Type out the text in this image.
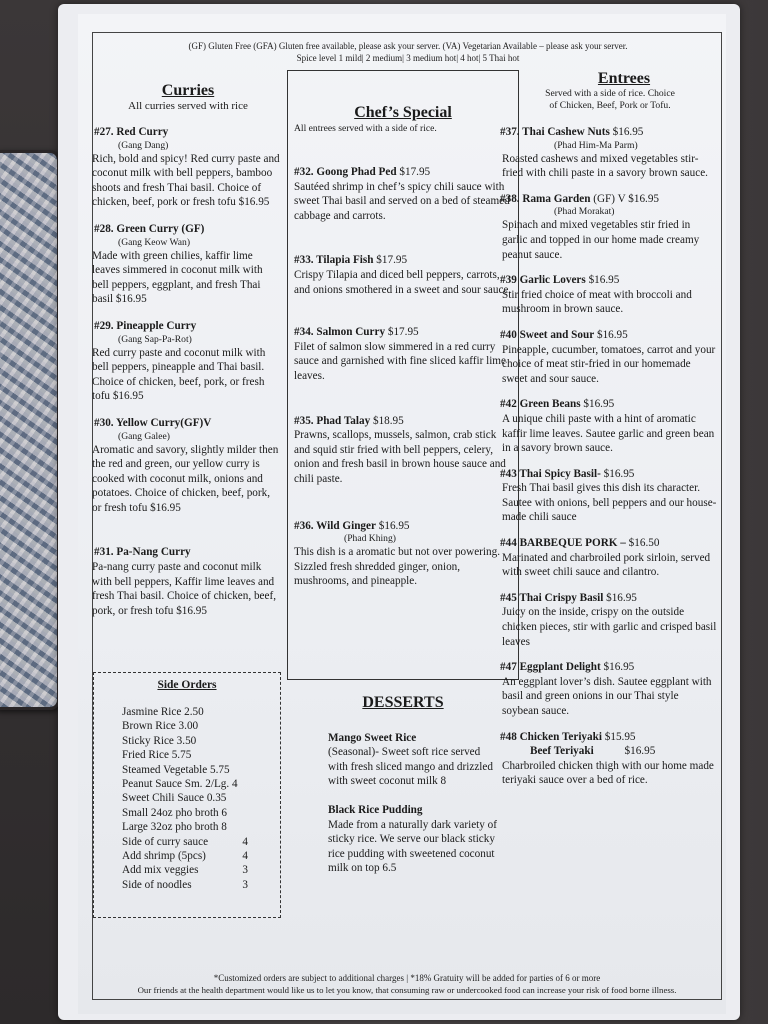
(GF) Gluten Free (GFA) Gluten free available, please ask your server. (VA) Vegetarian Available – please ask your server.
Spice level 1 mild| 2 medium| 3 medium hot| 4 hot| 5 Thai hot
Curries
All curries served with rice
#27. Red Curry
(Gang Dang)
Rich, bold and spicy! Red curry paste and coconut milk with bell peppers, bamboo shoots and fresh Thai basil. Choice of chicken, beef, pork or fresh tofu $16.95
#28. Green Curry (GF)
(Gang Keow Wan)
Made with green chilies, kaffir lime leaves simmered in coconut milk with bell peppers, eggplant, and fresh Thai basil $16.95
#29. Pineapple Curry
(Gang Sap-Pa-Rot)
Red curry paste and coconut milk with bell peppers, pineapple and Thai basil. Choice of chicken, beef, pork, or fresh tofu $16.95
#30. Yellow Curry(GF)V
(Gang Galee)
Aromatic and savory, slightly milder then the red and green, our yellow curry is cooked with coconut milk, onions and potatoes. Choice of chicken, beef, pork, or fresh tofu $16.95
#31. Pa-Nang Curry
Pa-nang curry paste and coconut milk with bell peppers, Kaffir lime leaves and fresh Thai basil. Choice of chicken, beef, pork, or fresh tofu $16.95
Chef’s Special
All entrees served with a side of rice.
#32. Goong Phad Ped $17.95
Sautéed shrimp in chef’s spicy chili sauce with sweet Thai basil and served on a bed of steamed cabbage and carrots.
#33. Tilapia Fish $17.95
Crispy Tilapia and diced bell peppers, carrots, and onions smothered in a sweet and sour sauce.
#34. Salmon Curry $17.95
Filet of salmon slow simmered in a red curry sauce and garnished with fine sliced kaffir lime leaves.
#35. Phad Talay $18.95
Prawns, scallops, mussels, salmon, crab stick and squid stir fried with bell peppers, celery, onion and fresh basil in brown house sauce and chili paste.
#36. Wild Ginger $16.95
(Phad Khing)
This dish is a aromatic but not over powering. Sizzled fresh shredded ginger, onion, mushrooms, and pineapple.
Entrees
Served with a side of rice. Choice of Chicken, Beef, Pork or Tofu.
#37. Thai Cashew Nuts $16.95
(Phad Him-Ma Parm)
Roasted cashews and mixed vegetables stir-fried with chili paste in a savory brown sauce.
#38. Rama Garden (GF) V $16.95
(Phad Morakat)
Spinach and mixed vegetables stir fried in garlic and topped in our home made creamy peanut sauce.
#39 Garlic Lovers $16.95
Stir fried choice of meat with broccoli and mushroom in brown sauce.
#40 Sweet and Sour $16.95
Pineapple, cucumber, tomatoes, carrot and your choice of meat stir-fried in our homemade sweet and sour sauce.
#42 Green Beans $16.95
A unique chili paste with a hint of aromatic kaffir lime leaves. Sautee garlic and green bean in a savory brown sauce.
#43 Thai Spicy Basil- $16.95
Fresh Thai basil gives this dish its character. Sautee with onions, bell peppers and our house-made chili sauce
#44 BARBEQUE PORK – $16.50
Marinated and charbroiled pork sirloin, served with sweet chili sauce and cilantro.
#45 Thai Crispy Basil $16.95
Juicy on the inside, crispy on the outside chicken pieces, stir with garlic and crisped basil leaves
#47 Eggplant Delight $16.95
An eggplant lover’s dish. Sautee eggplant with basil and green onions in our Thai style soybean sauce.
#48 Chicken Teriyaki $15.95
Beef Teriyaki	$16.95
Charbroiled chicken thigh with our home made teriyaki sauce over a bed of rice.
Side Orders
Jasmine Rice 2.50
Brown Rice 3.00
Sticky Rice 3.50
Fried Rice 5.75
Steamed Vegetable 5.75
Peanut Sauce Sm. 2/Lg. 4
Sweet Chili Sauce 0.35
Small 24oz pho broth 6
Large 32oz pho broth 8
Side of curry sauce	4
Add shrimp (5pcs)	4
Add mix veggies	3
Side of noodles	3
DESSERTS
Mango Sweet Rice
(Seasonal)- Sweet soft rice served with fresh sliced mango and drizzled with sweet coconut milk 8
Black Rice Pudding
Made from a naturally dark variety of sticky rice. We serve our black sticky rice pudding with sweetened coconut milk on top 6.5
*Customized orders are subject to additional charges | *18% Gratuity will be added for parties of 6 or more
Our friends at the health department would like us to let you know, that consuming raw or undercooked food can increase your risk of food borne illness.
